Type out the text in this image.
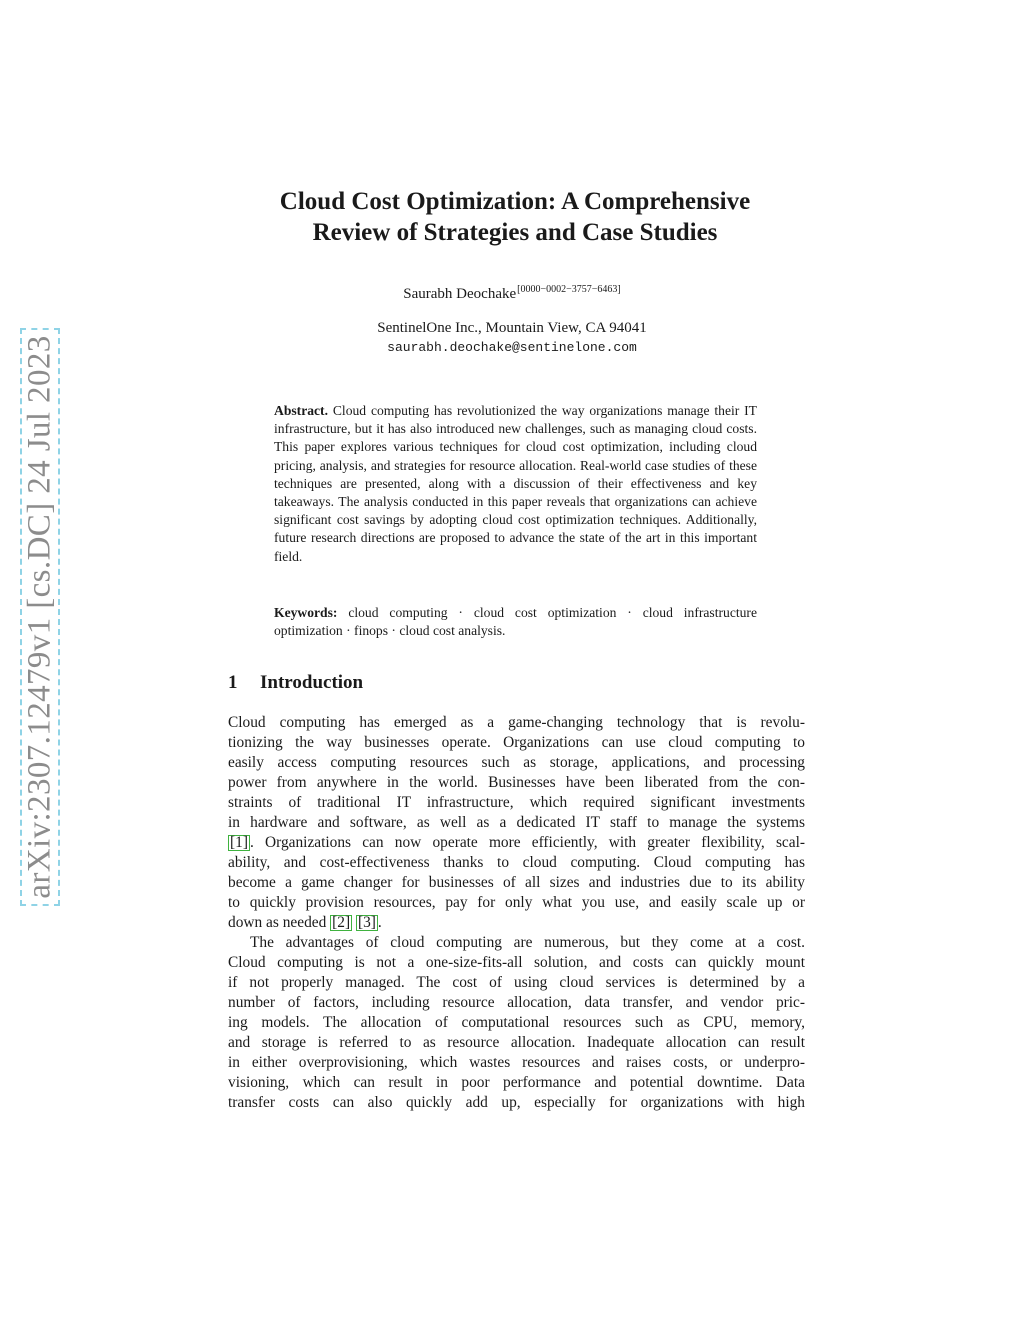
arXiv:2307.12479v1 [cs.DC] 24 Jul 2023
Cloud Cost Optimization: A Comprehensive
Review of Strategies and Case Studies
Saurabh Deochake[0000−0002−3757−6463]
SentinelOne Inc., Mountain View, CA 94041
saurabh.deochake@sentinelone.com

Abstract. Cloud computing has revolutionized the way organizations manage their IT infrastructure, but it has also introduced new challenges, such as managing cloud costs. This paper explores various techniques for cloud cost optimization, including cloud pricing, analysis, and strategies for resource allocation. Real-world case studies of these techniques are presented, along with a discussion of their effectiveness and key takeaways. The analysis conducted in this paper reveals that organizations can achieve significant cost savings by adopting cloud cost optimization techniques. Additionally, future research directions are proposed to advance the state of the art in this important field.

Keywords: cloud computing · cloud cost optimization · cloud infrastructure optimization · finops · cloud cost analysis.

1 Introduction
Cloud computing has emerged as a game-changing technology that is revolu-
tionizing the way businesses operate. Organizations can use cloud computing to
easily access computing resources such as storage, applications, and processing
power from anywhere in the world. Businesses have been liberated from the con-
straints of traditional IT infrastructure, which required significant investments
in hardware and software, as well as a dedicated IT staff to manage the systems
[1] . Organizations can now operate more efficiently, with greater flexibility, scal-
ability, and cost-effectiveness thanks to cloud computing. Cloud computing has
become a game changer for businesses of all sizes and industries due to its ability
to quickly provision resources, pay for only what you use, and easily scale up or
down as needed [2] [3] .
The advantages of cloud computing are numerous, but they come at a cost.
Cloud computing is not a one-size-fits-all solution, and costs can quickly mount
if not properly managed. The cost of using cloud services is determined by a
number of factors, including resource allocation, data transfer, and vendor pric-
ing models. The allocation of computational resources such as CPU, memory,
and storage is referred to as resource allocation. Inadequate allocation can result
in either overprovisioning, which wastes resources and raises costs, or underpro-
visioning, which can result in poor performance and potential downtime. Data
transfer costs can also quickly add up, especially for organizations with high
